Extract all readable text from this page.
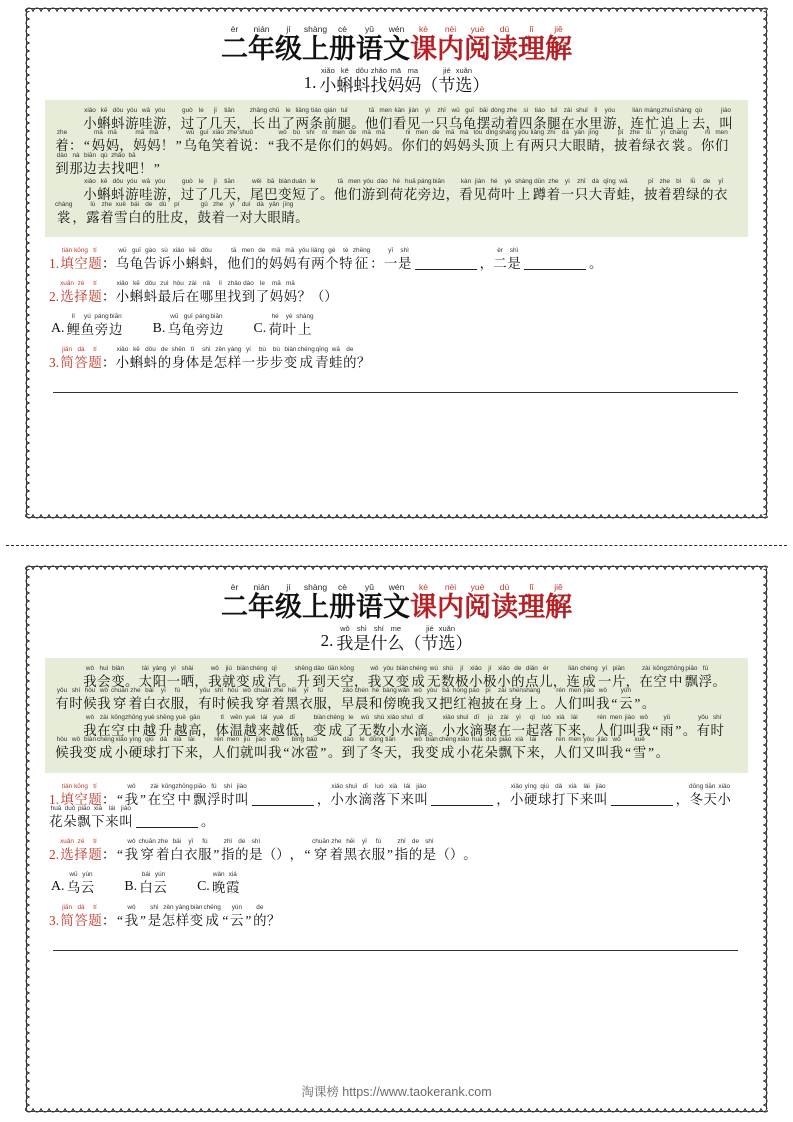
èr
二
nián
年
jí
级
shàng
上
cè
册
yǔ
语
wén
文
kè
课
nèi
内
yuè
阅
dú
读
lǐ
理
jiě
解
1.
xiǎo
小
kē
蝌
dǒu
蚪
zhǎo
找
mā
妈
ma
妈 （
jié
节
xuǎn
选 ）

xiǎo
小
kē
蝌
dǒu
蚪
yóu
游
wā
哇
yóu
游 ，
guò
过
le
了
jǐ
几
tiān
天 ，
zhǎng
长
chū
出
le
了
liǎng
两
tiáo
条
qián
前
tuǐ
腿 。
tā
他
men
们
kàn
看
jiàn
见
yì
一
zhī
只
wū
乌
guī
龟
bǎi
摆
dòng
动
zhe
着
sì
四
tiáo
条
tuǐ
腿
zài
在
shuǐ
水
lǐ
里
yóu
游 ，
lián
连
máng
忙
zhuī
追
shàng
上
qù
去 ，
jiào
叫
zhe
着 ： “
mā
妈
mā
妈 ，
mā
妈
mā
妈 ！ ”
wū
乌
guī
龟
xiào
笑
zhe
着
shuō
说 ： “
wǒ
我
bù
不
shì
是
nǐ
你
men
们
de
的
mā
妈
mā
妈 。
nǐ
你
men
们
de
的
mā
妈
mā
妈
tóu
头
dǐng
顶
shàng
上
yǒu
有
liǎng
两
zhī
只
dà
大
yǎn
眼
jīng
睛 ，
pī
披
zhe
着
lǜ
绿
yī
衣
cháng
裳 。
nǐ
你
men
们
dào
到
nà
那
biān
边
qù
去
zhǎo
找
bā
吧 ！ ”

xiǎo
小
kē
蝌
dǒu
蚪
yóu
游
wā
哇
yóu
游 ，
guò
过
le
了
jǐ
几
tiān
天 ，
wěi
尾
bā
巴
biàn
变
duǎn
短
le
了 。
tā
他
men
们
yóu
游
dào
到
hé
荷
huā
花
páng
旁
biān
边 ，
kàn
看
jiàn
见
hé
荷
yè
叶
shàng
上
dūn
蹲
zhe
着
yì
一
zhī
只
dà
大
qīng
青
wā
蛙 ，
pī
披
zhe
着
bì
碧
lǜ
绿
de
的
yī
衣
cháng
裳 ，
lù
露
zhe
着
xuě
雪
bái
白
de
的
dù
肚
pí
皮 ，
gǔ
鼓
zhe
着
yí
一
duì
对
dà
大
yǎn
眼
jīng
睛 。
1.
tián
填
kōng
空
tí
题 ：
wū
乌
guī
龟
gào
告
sù
诉
xiǎo
小
kē
蝌
dǒu
蚪 ，
tā
他
men
们
de
的
mā
妈
mā
妈
yǒu
有
liǎng
两
gè
个
tè
特
zhēng
征 ：
yī
一
shì
是	，
èr
二
shì
是	。
2.
xuǎn
选
zé
择
tí
题 ：
xiǎo
小
kē
蝌
dǒu
蚪
zuì
最
hòu
后
zài
在
nǎ
哪
lǐ
里
zhǎo
找
dào
到
le
了
mā
妈
mā
妈 ？ （ ）
A.
lǐ
鲤
yú
鱼
páng
旁
biān
边 B.
wū
乌
guī
龟
páng
旁
biān
边 C.
hé
荷
yè
叶
shàng
上
3.
jiǎn
简
dá
答
tí
题 ：
xiǎo
小
kē
蝌
dǒu
蚪
de
的
shēn
身
tǐ
体
shì
是
zěn
怎
yàng
样
yí
一
bù
步
bù
步
biàn
变
chéng
成
qīng
青
wā
蛙
de
的 ？
èr
二
nián
年
jí
级
shàng
上
cè
册
yǔ
语
wén
文
kè
课
nèi
内
yuè
阅
dú
读
lǐ
理
jiě
解
2.
wǒ
我
shì
是
shí
什
me
么 （
jié
节
xuǎn
选 ）

wǒ
我
huì
会
biàn
变 。
tài
太
yáng
阳
yí
一
shài
晒 ，
wǒ
我
jiù
就
biàn
变
chéng
成
qì
汽 。
shēng
升
dào
到
tiān
天
kōng
空 ，
wǒ
我
yòu
又
biàn
变
chéng
成
wú
无
shù
数
jí
极
xiǎo
小
jí
极
xiǎo
小
de
的
diǎn
点
ér
儿 ，
lián
连
chéng
成
yí
一
piàn
片 ，
zài
在
kōng
空
zhōng
中
piāo
飘
fú
浮 。
yǒu
有
shí
时
hòu
候
wǒ
我
chuān
穿
zhe
着
bái
白
yī
衣
fú
服 ，
yǒu
有
shí
时
hòu
候
wǒ
我
chuān
穿
zhe
着
hēi
黑
yī
衣
fú
服 ，
zǎo
早
chén
晨
hé
和
bàng
傍
wǎn
晚
wǒ
我
yòu
又
bǎ
把
hóng
红
páo
袍
pī
披
zài
在
shēn
身
shàng
上 。
rén
人
men
们
jiào
叫
wǒ
我 “
yún
云 ” 。

wǒ
我
zài
在
kōng
空
zhōng
中
yuè
越
shēng
升
yuè
越
gāo
高 ，
tǐ
体
wēn
温
yuè
越
lái
来
yuè
越
dī
低 ，
biàn
变
chéng
成
le
了
wú
无
shù
数
xiǎo
小
shuǐ
水
dī
滴 。
xiǎo
小
shuǐ
水
dī
滴
jù
聚
zài
在
yì
一
qǐ
起
luò
落
xià
下
lái
来 ，
rén
人
men
们
jiào
叫
wǒ
我 “
yǔ
雨 ” 。
yǒu
有
shí
时
hòu
候
wǒ
我
biàn
变
chéng
成
xiǎo
小
yìng
硬
qiú
球
dǎ
打
xià
下
lái
来 ，
rén
人
men
们
jiù
就
jiào
叫
wǒ
我 “
bīng
冰
báo
雹 ” 。
dào
到
le
了
dōng
冬
tiān
天 ，
wǒ
我
biàn
变
chéng
成
xiǎo
小
huā
花
duǒ
朵
piāo
飘
xià
下
lái
来 ，
rén
人
men
们
yòu
又
jiào
叫
wǒ
我 “
xuě
雪 ” 。
1.
tián
填
kōng
空
tí
题 ： “
wǒ
我 ”
zài
在
kōng
空
zhōng
中
piāo
飘
fú
浮
shí
时
jiào
叫	，
xiǎo
小
shuǐ
水
dī
滴
luò
落
xià
下
lái
来
jiào
叫	，
xiǎo
小
yìng
硬
qiú
球
dǎ
打
xià
下
lái
来
jiào
叫	，
dōng
冬
tiān
天
xiǎo
小
huā
花
duǒ
朵
piāo
飘
xià
下
lái
来
jiào
叫	。
2.
xuǎn
选
zé
择
tí
题 ： “
wǒ
我
chuān
穿
zhe
着
bái
白
yī
衣
fú
服 ”
zhǐ
指
de
的
shì
是 （ ） ， “
chuān
穿
zhe
着
hēi
黑
yī
衣
fú
服 ”
zhǐ
指
de
的
shì
是 （ ） 。
A.
wū
乌
yún
云 B.
bái
白
yún
云 C.
wǎn
晚
xiá
霞
3.
jiǎn
简
dá
答
tí
题 ： “
wǒ
我 ”
shì
是
zěn
怎
yàng
样
biàn
变
chéng
成 “
yún
云 ”
de
的 ？
淘课榜 https://www.taokerank.com
